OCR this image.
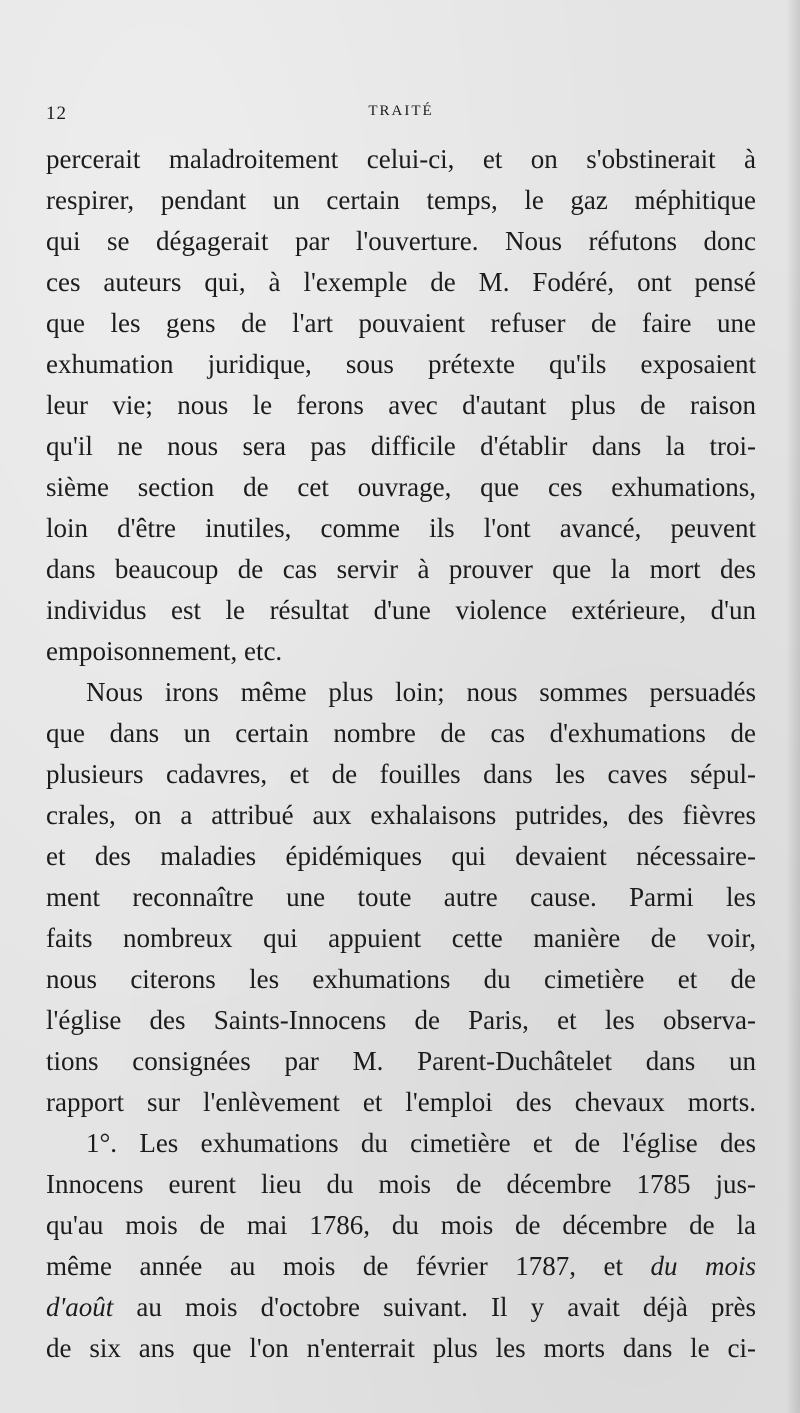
12	TRAITÉ
percerait maladroitement celui-ci, et on s'obstinerait à
respirer, pendant un certain temps, le gaz méphitique
qui se dégagerait par l'ouverture. Nous réfutons donc
ces auteurs qui, à l'exemple de M. Fodéré, ont pensé
que les gens de l'art pouvaient refuser de faire une
exhumation juridique, sous prétexte qu'ils exposaient
leur vie; nous le ferons avec d'autant plus de raison
qu'il ne nous sera pas difficile d'établir dans la troi-
sième section de cet ouvrage, que ces exhumations,
loin d'être inutiles, comme ils l'ont avancé, peuvent
dans beaucoup de cas servir à prouver que la mort des
individus est le résultat d'une violence extérieure, d'un
empoisonnement, etc.
Nous irons même plus loin; nous sommes persuadés
que dans un certain nombre de cas d'exhumations de
plusieurs cadavres, et de fouilles dans les caves sépul-
crales, on a attribué aux exhalaisons putrides, des fièvres
et des maladies épidémiques qui devaient nécessaire-
ment reconnaître une toute autre cause. Parmi les
faits nombreux qui appuient cette manière de voir,
nous citerons les exhumations du cimetière et de
l'église des Saints-Innocens de Paris, et les observa-
tions consignées par M. Parent-Duchâtelet dans un
rapport sur l'enlèvement et l'emploi des chevaux morts.
1°. Les exhumations du cimetière et de l'église des
Innocens eurent lieu du mois de décembre 1785 jus-
qu'au mois de mai 1786, du mois de décembre de la
même année au mois de février 1787, et du mois
d'août au mois d'octobre suivant. Il y avait déjà près
de six ans que l'on n'enterrait plus les morts dans le ci-
